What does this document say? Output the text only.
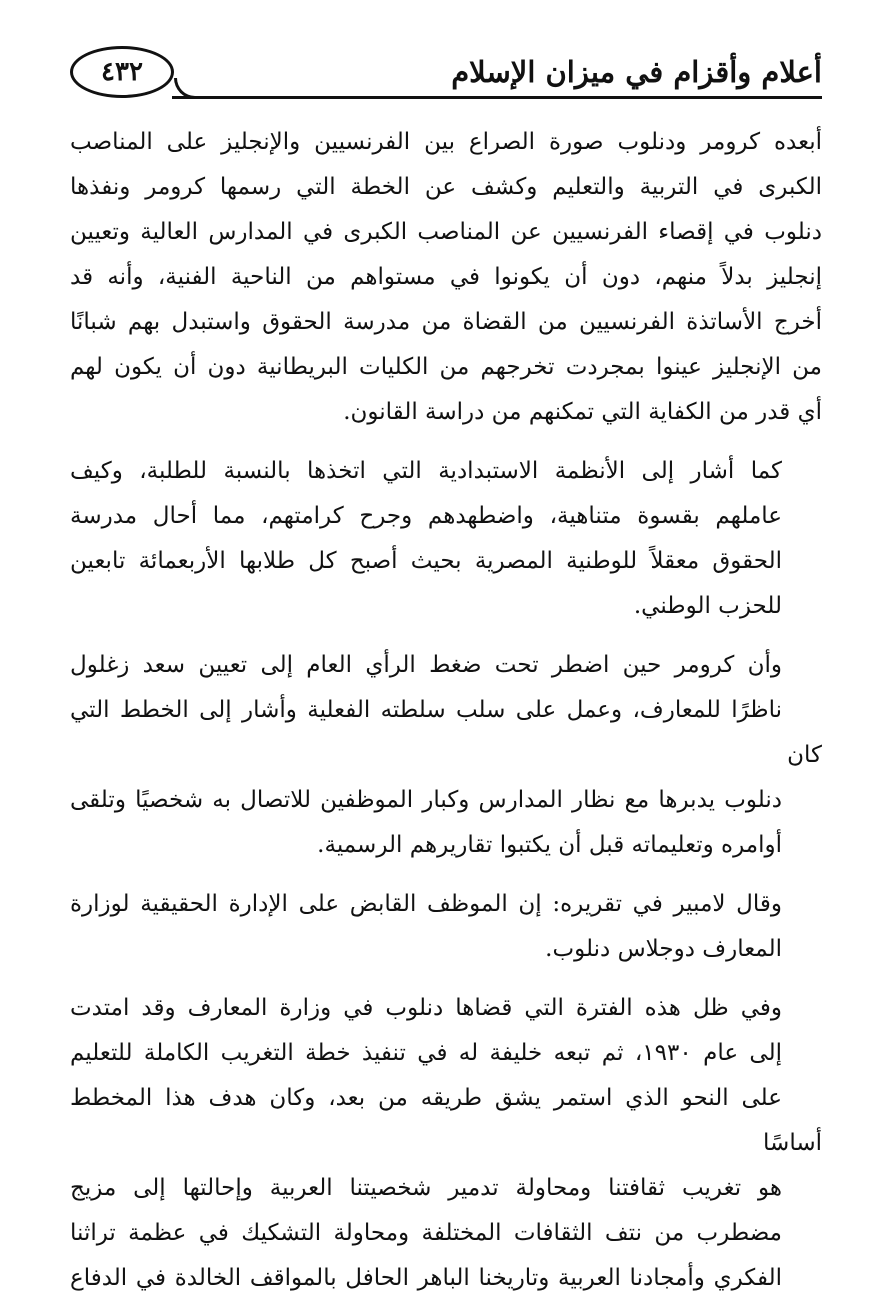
أعلام وأقزام في ميزان الإسلام
٤٣٢

أبعده كرومر ودنلوب صورة الصراع بين الفرنسيين والإنجليز على المناصب
الكبرى في التربية والتعليم وكشف عن الخطة التي رسمها كرومر ونفذها
دنلوب في إقصاء الفرنسيين عن المناصب الكبرى في المدارس العالية وتعيين
إنجليز بدلاً منهم، دون أن يكونوا في مستواهم من الناحية الفنية، وأنه قد
أخرج الأساتذة الفرنسيين من القضاة من مدرسة الحقوق واستبدل بهم شبانًا
من الإنجليز عينوا بمجردت تخرجهم من الكليات البريطانية دون أن يكون لهم
أي قدر من الكفاية التي تمكنهم من دراسة القانون.

كما أشار إلى الأنظمة الاستبدادية التي اتخذها بالنسبة للطلبة، وكيف
عاملهم بقسوة متناهية، واضطهدهم وجرح كرامتهم، مما أحال مدرسة
الحقوق معقلاً للوطنية المصرية بحيث أصبح كل طلابها الأربعمائة تابعين
للحزب الوطني.

وأن كرومر حين اضطر تحت ضغط الرأي العام إلى تعيين سعد زغلول
ناظرًا للمعارف، وعمل على سلب سلطته الفعلية وأشار إلى الخطط التي كان
دنلوب يدبرها مع نظار المدارس وكبار الموظفين للاتصال به شخصيًا وتلقى
أوامره وتعليماته قبل أن يكتبوا تقاريرهم الرسمية.

وقال لامبير في تقريره: إن الموظف القابض على الإدارة الحقيقية لوزارة
المعارف دوجلاس دنلوب.

وفي ظل هذه الفترة التي قضاها دنلوب في وزارة المعارف وقد امتدت
إلى عام ١٩٣٠، ثم تبعه خليفة له في تنفيذ خطة التغريب الكاملة للتعليم
على النحو الذي استمر يشق طريقه من بعد، وكان هدف هذا المخطط أساسًا
هو تغريب ثقافتنا ومحاولة تدمير شخصيتنا العربية وإحالتها إلى مزيج
مضطرب من نتف الثقافات المختلفة ومحاولة التشكيك في عظمة تراثنا
الفكري وأمجادنا العربية وتاريخنا الباهر الحافل بالمواقف الخالدة في الدفاع
